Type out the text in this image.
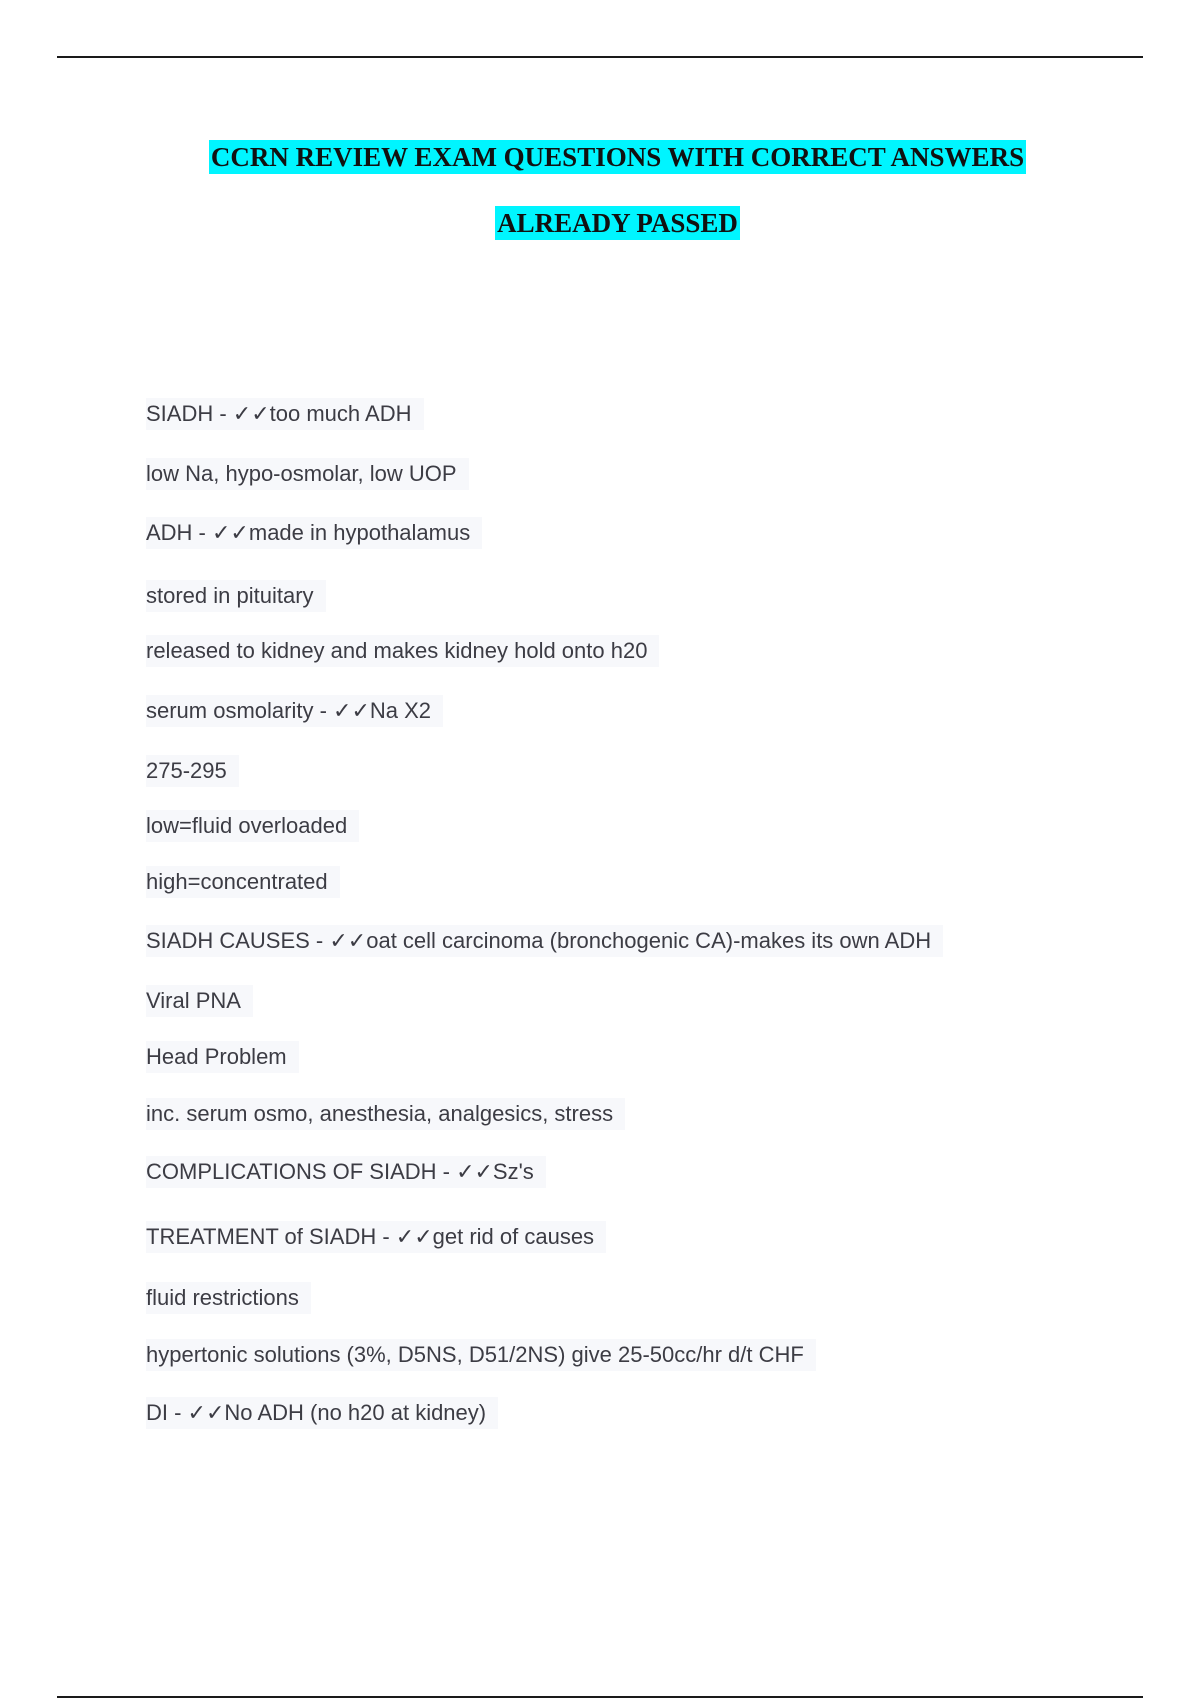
CCRN REVIEW EXAM QUESTIONS WITH CORRECT ANSWERS
ALREADY PASSED
SIADH - ✓✓too much ADH
low Na, hypo-osmolar, low UOP
ADH - ✓✓made in hypothalamus
stored in pituitary
released to kidney and makes kidney hold onto h20
serum osmolarity - ✓✓Na X2
275-295
low=fluid overloaded
high=concentrated
SIADH CAUSES - ✓✓oat cell carcinoma (bronchogenic CA)-makes its own ADH
Viral PNA
Head Problem
inc. serum osmo, anesthesia, analgesics, stress
COMPLICATIONS OF SIADH - ✓✓Sz's
TREATMENT of SIADH - ✓✓get rid of causes
fluid restrictions
hypertonic solutions (3%, D5NS, D51/2NS) give 25-50cc/hr d/t CHF
DI - ✓✓No ADH (no h20 at kidney)
